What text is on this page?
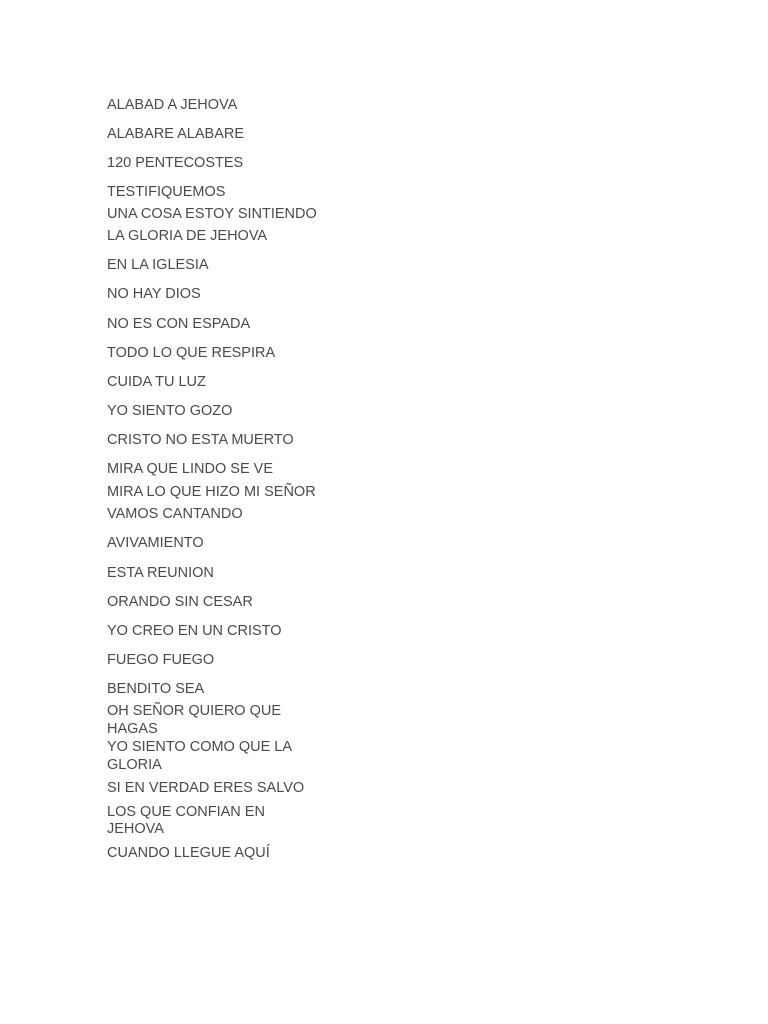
ALABAD A JEHOVA
ALABARE ALABARE
120 PENTECOSTES
TESTIFIQUEMOS
UNA COSA ESTOY SINTIENDO
LA GLORIA DE JEHOVA
EN LA IGLESIA
NO HAY DIOS
NO ES CON ESPADA
TODO LO QUE RESPIRA
CUIDA TU LUZ
YO SIENTO GOZO
CRISTO NO ESTA MUERTO
MIRA QUE LINDO SE VE
MIRA LO QUE HIZO MI SEÑOR
VAMOS CANTANDO
AVIVAMIENTO
ESTA REUNION
ORANDO SIN CESAR
YO CREO EN UN CRISTO
FUEGO FUEGO
BENDITO SEA
OH SEÑOR QUIERO QUE HAGAS
YO SIENTO COMO QUE LA GLORIA
SI EN VERDAD ERES SALVO
LOS QUE CONFIAN EN JEHOVA
CUANDO LLEGUE AQUÍ
